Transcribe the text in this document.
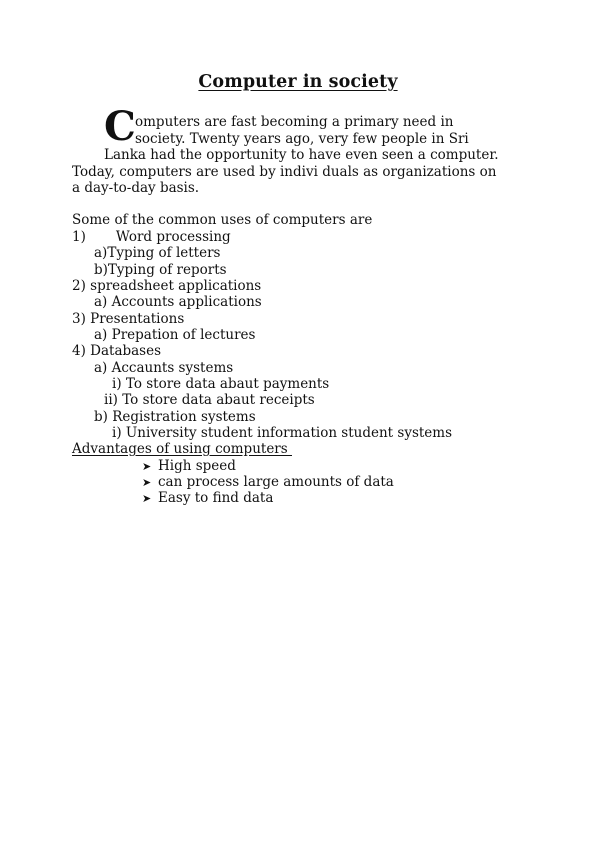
Computer in society
C omputers are fast becoming a primary need in
society. Twenty years ago, very few people in Sri
Lanka had the opportunity to have even seen a computer.
Today, computers are used by indivi duals as organizations on
a day-to-day basis.
Some of the common uses of computers are
1)       Word processing
a)Typing of letters
b)Typing of reports
2) spreadsheet applications
a) Accounts applications
3) Presentations
a) Prepation of lectures
4) Databases
a) Accaunts systems
i) To store data abaut payments
ii) To store data abaut receipts
b) Registration systems
i) University student information student systems
Advantages of using computers
➤ High speed
➤ can process large amounts of data
➤ Easy to find data
